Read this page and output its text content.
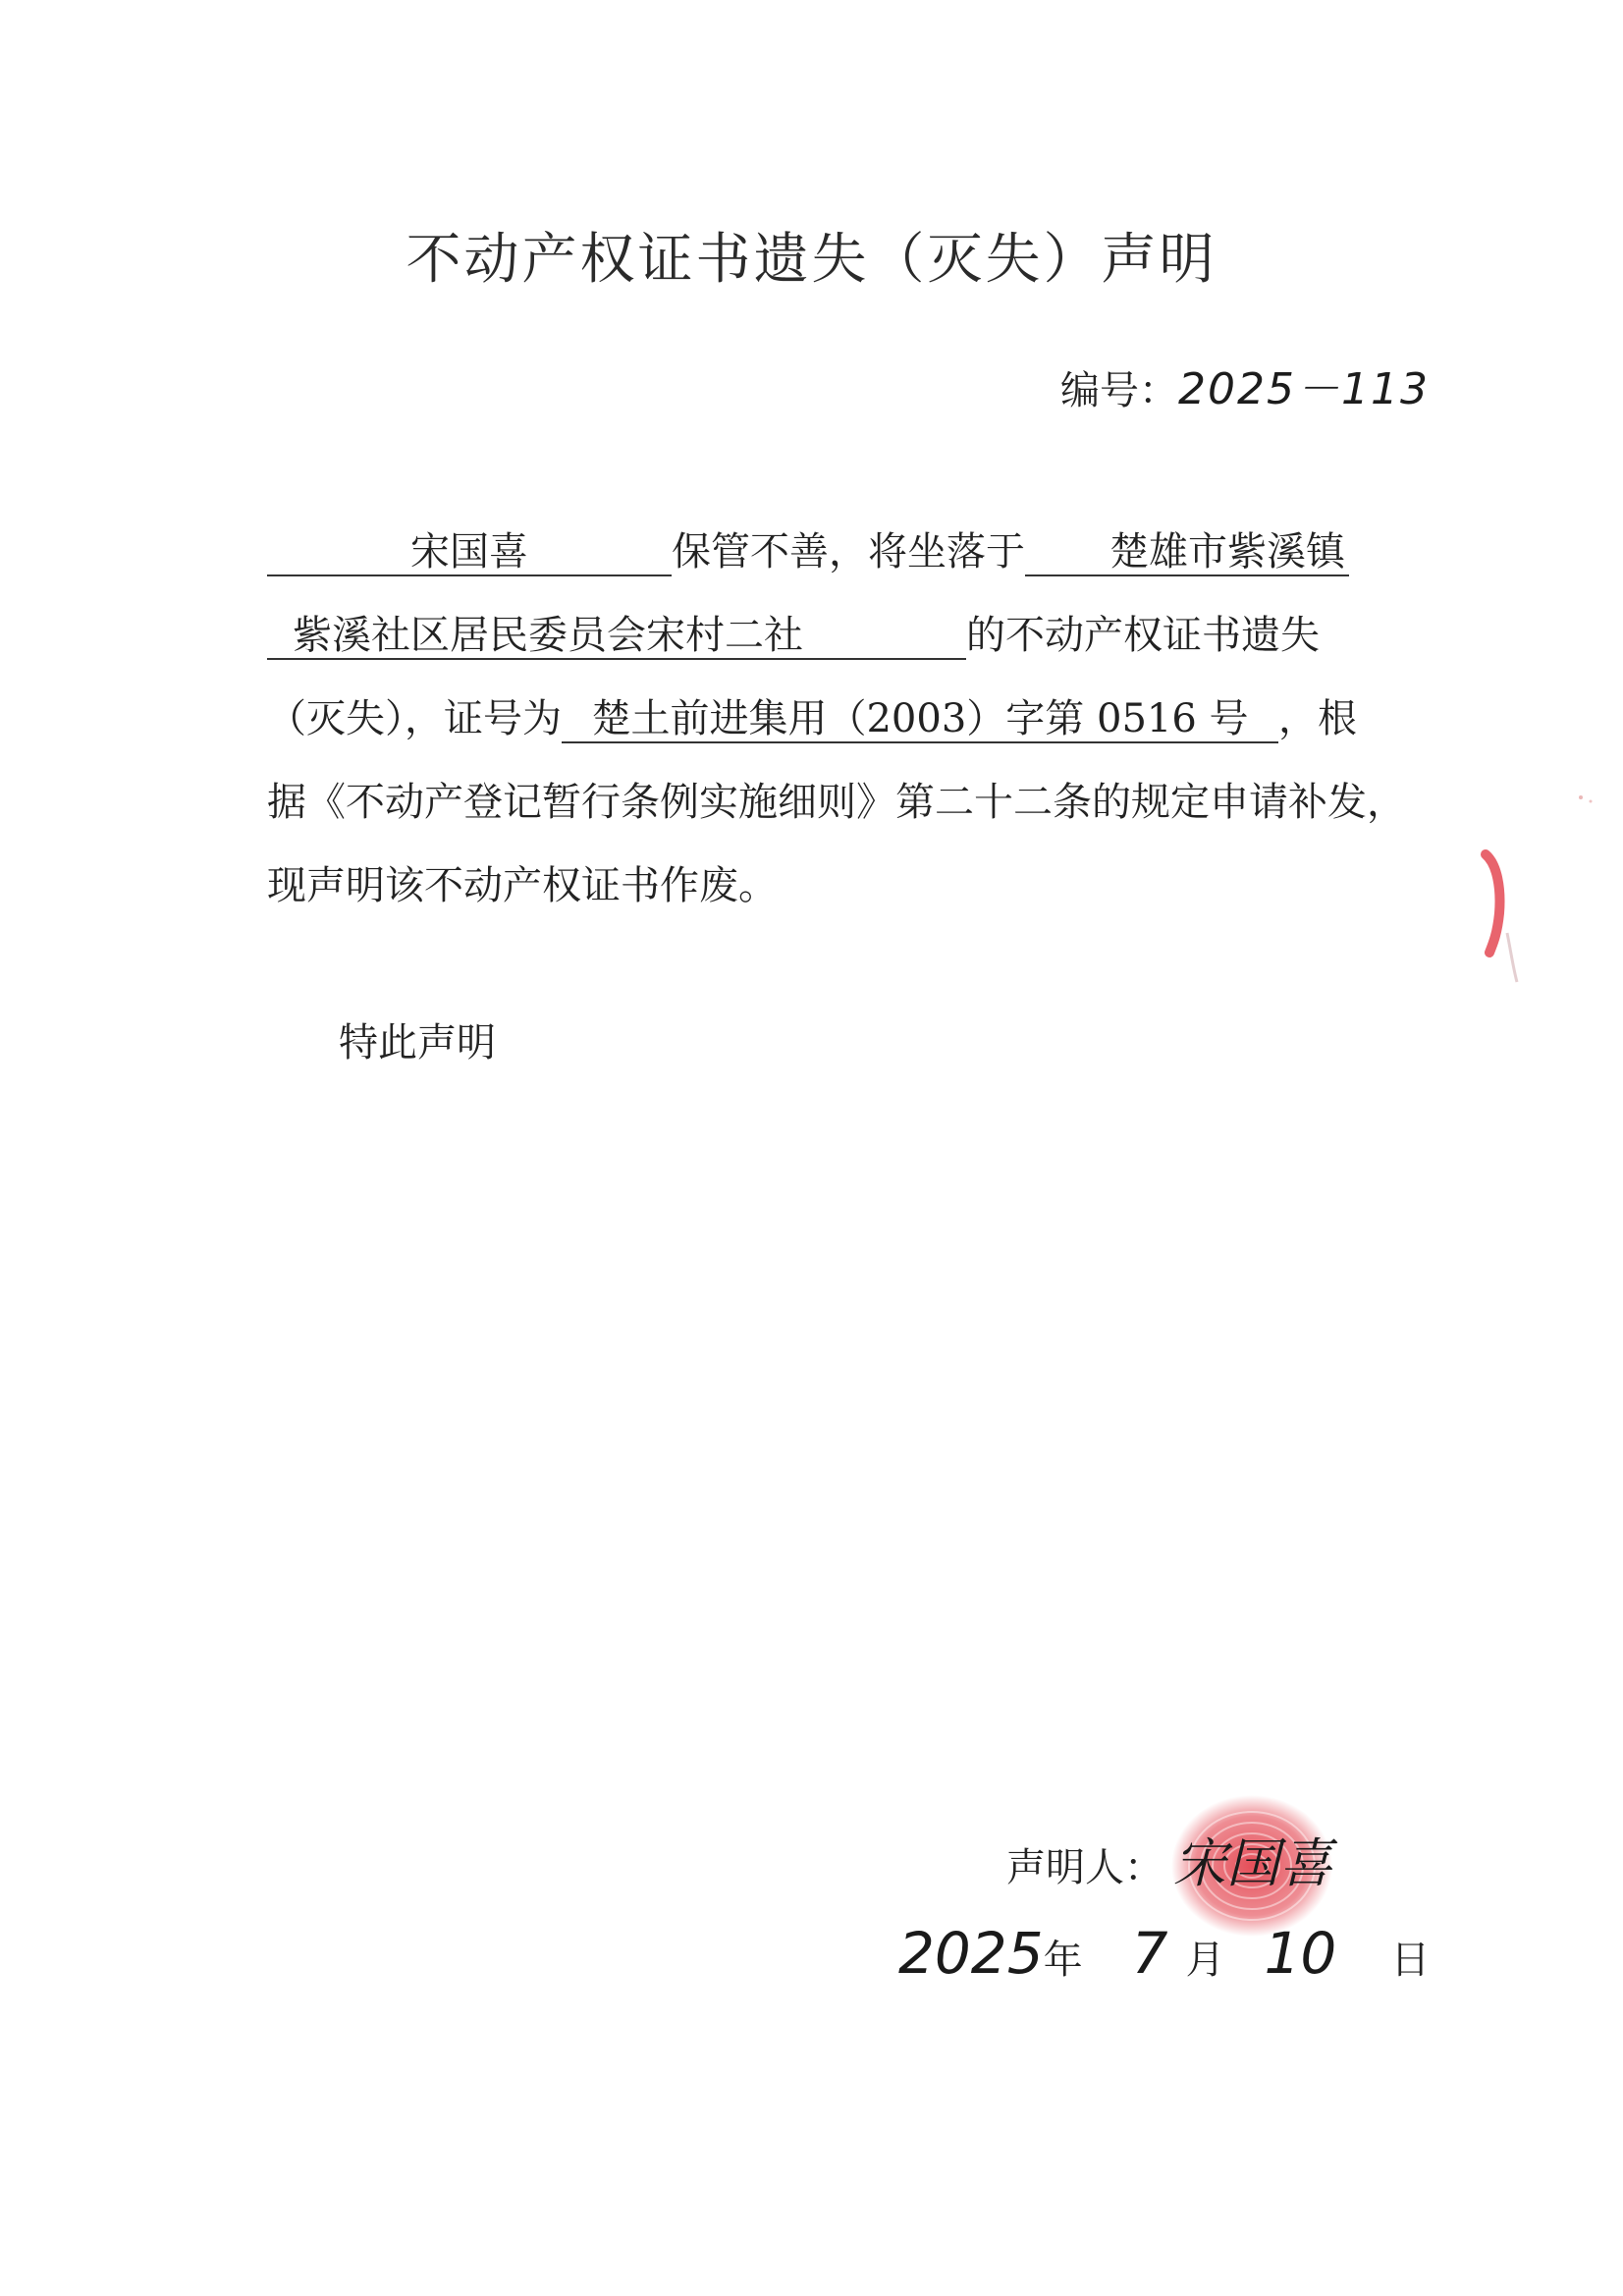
不动产权证书遗失（灭失）声明
编号：2025－113
宋国喜	保管不善，将坐落于 楚雄市紫溪镇
紫溪社区居民委员会宋村二社	的不动产权证书遗失
（灭失），证号为 楚土前进集用（2003）字第 0516 号 ，根
据《不动产登记暂行条例实施细则》第二十二条的规定申请补发，
现声明该不动产权证书作废。
特此声明
声明人： 宋国喜
2025年 7 月 10 日
